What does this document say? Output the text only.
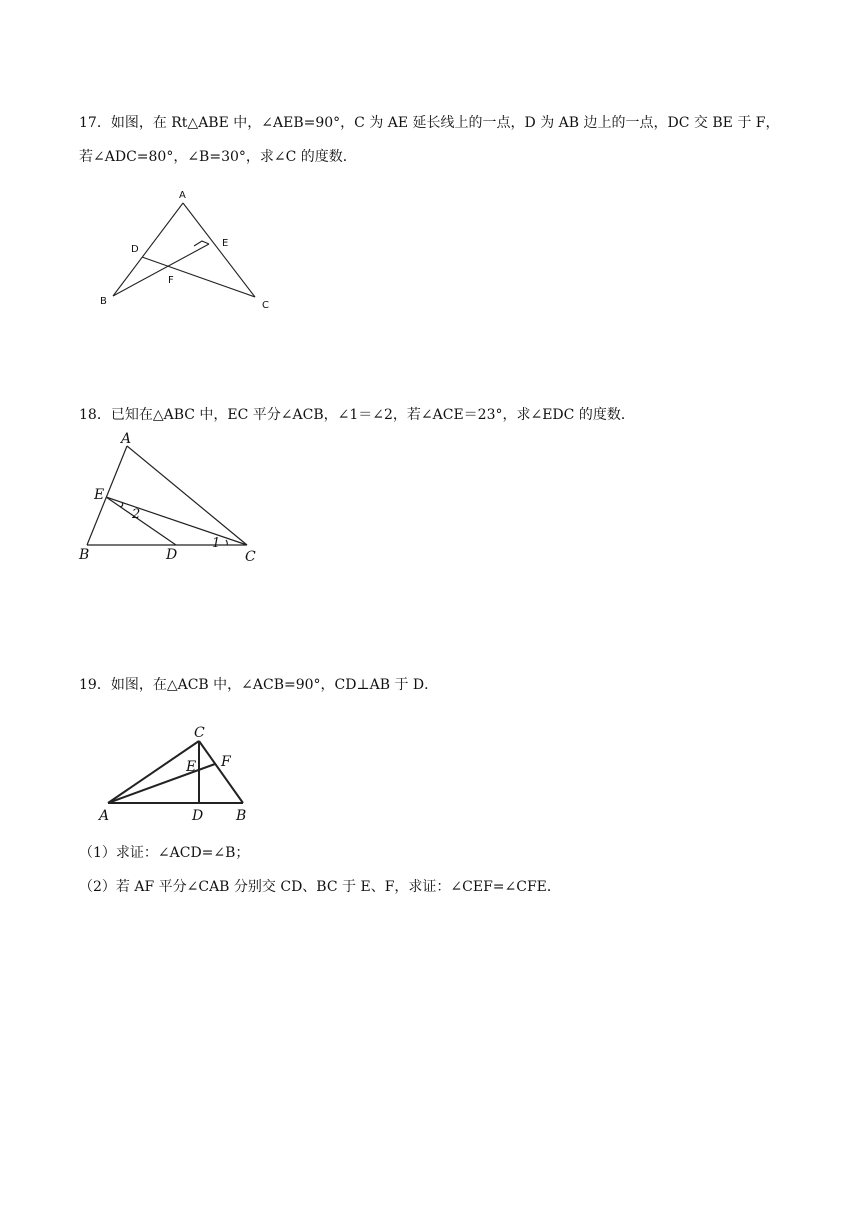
17．如图，在 Rt△ABE 中，∠AEB=90°，C 为 AE 延长线上的一点，D 为 AB 边上的一点，DC 交 BE 于 F，
若∠ADC=80°，∠B=30°，求∠C 的度数．
A
D
E
F
B	C
18．已知在△ABC 中，EC 平分∠ACB，∠1＝∠2，若∠ACE＝23°，求∠EDC 的度数．
A
E
B	D	C
1
2
19．如图，在△ACB 中，∠ACB=90°，CD⊥AB 于 D．
C
F
E
A	D B
（1）求证：∠ACD=∠B；
（2）若 AF 平分∠CAB 分别交 CD、BC 于 E、F，求证：∠CEF=∠CFE．
